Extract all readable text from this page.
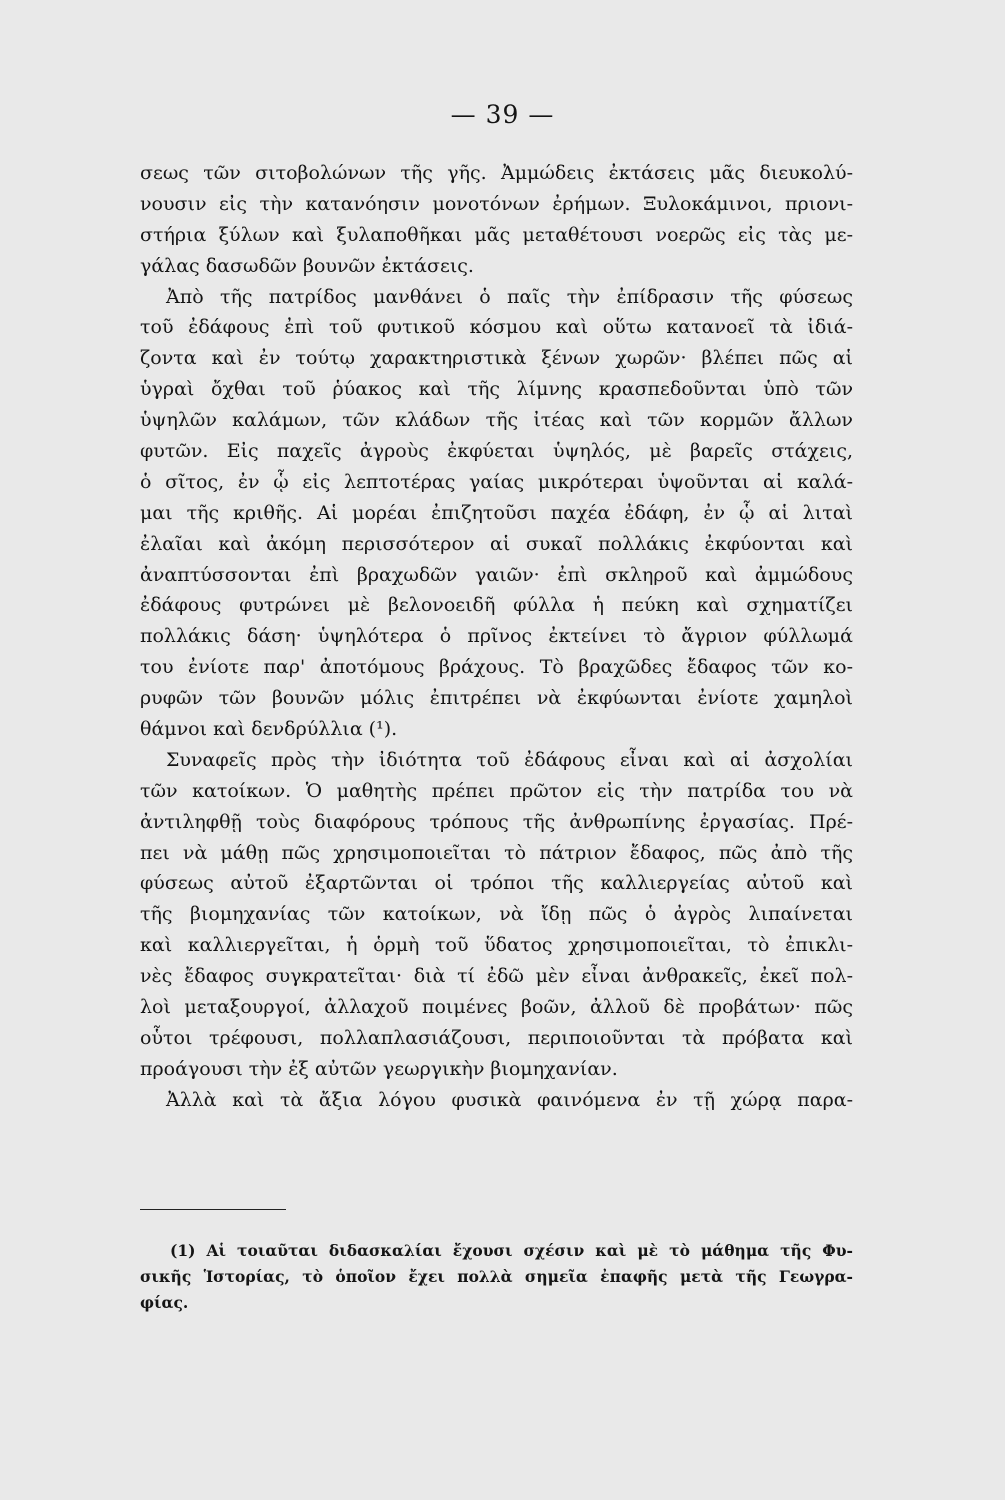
— 39 —
σεως τῶν σιτοβολώνων τῆς γῆς. Ἀμμώδεις ἐκτάσεις μᾶς διευκολύ-
νουσιν εἰς τὴν κατανόησιν μονοτόνων ἐρήμων. Ξυλοκάμινοι, πριονι-
στήρια ξύλων καὶ ξυλαποθῆκαι μᾶς μεταθέτουσι νοερῶς εἰς τὰς με-
γάλας δασωδῶν βουνῶν ἐκτάσεις.
Ἀπὸ τῆς πατρίδος μανθάνει ὁ παῖς τὴν ἐπίδρασιν τῆς φύσεως
τοῦ ἐδάφους ἐπὶ τοῦ φυτικοῦ κόσμου καὶ οὕτω κατανοεῖ τὰ ἰδιά-
ζοντα καὶ ἐν τούτῳ χαρακτηριστικὰ ξένων χωρῶν· βλέπει πῶς αἱ
ὑγραὶ ὄχθαι τοῦ ῥύακος καὶ τῆς λίμνης κρασπεδοῦνται ὑπὸ τῶν
ὑψηλῶν καλάμων, τῶν κλάδων τῆς ἰτέας καὶ τῶν κορμῶν ἄλλων
φυτῶν. Εἰς παχεῖς ἀγροὺς ἐκφύεται ὑψηλός, μὲ βαρεῖς στάχεις,
ὁ σῖτος, ἐν ᾧ εἰς λεπτοτέρας γαίας μικρότεραι ὑψοῦνται αἱ καλά-
μαι τῆς κριθῆς. Αἱ μορέαι ἐπιζητοῦσι παχέα ἐδάφη, ἐν ᾧ αἱ λιταὶ
ἐλαῖαι καὶ ἀκόμη περισσότερον αἱ συκαῖ πολλάκις ἐκφύονται καὶ
ἀναπτύσσονται ἐπὶ βραχωδῶν γαιῶν· ἐπὶ σκληροῦ καὶ ἀμμώδους
ἐδάφους φυτρώνει μὲ βελονοειδῆ φύλλα ἡ πεύκη καὶ σχηματίζει
πολλάκις δάση· ὑψηλότερα ὁ πρῖνος ἐκτείνει τὸ ἄγριον φύλλωμά
του ἐνίοτε παρ' ἀποτόμους βράχους. Τὸ βραχῶδες ἔδαφος τῶν κο-
ρυφῶν τῶν βουνῶν μόλις ἐπιτρέπει νὰ ἐκφύωνται ἐνίοτε χαμηλοὶ
θάμνοι καὶ δενδρύλλια (¹).
Συναφεῖς πρὸς τὴν ἰδιότητα τοῦ ἐδάφους εἶναι καὶ αἱ ἀσχολίαι
τῶν κατοίκων. Ὁ μαθητὴς πρέπει πρῶτον εἰς τὴν πατρίδα του νὰ
ἀντιληφθῇ τοὺς διαφόρους τρόπους τῆς ἀνθρωπίνης ἐργασίας. Πρέ-
πει νὰ μάθῃ πῶς χρησιμοποιεῖται τὸ πάτριον ἔδαφος, πῶς ἀπὸ τῆς
φύσεως αὐτοῦ ἐξαρτῶνται οἱ τρόποι τῆς καλλιεργείας αὐτοῦ καὶ
τῆς βιομηχανίας τῶν κατοίκων, νὰ ἴδῃ πῶς ὁ ἀγρὸς λιπαίνεται
καὶ καλλιεργεῖται, ἡ ὁρμὴ τοῦ ὕδατος χρησιμοποιεῖται, τὸ ἐπικλι-
νὲς ἔδαφος συγκρατεῖται· διὰ τί ἐδῶ μὲν εἶναι ἀνθρακεῖς, ἐκεῖ πολ-
λοὶ μεταξουργοί, ἀλλαχοῦ ποιμένες βοῶν, ἀλλοῦ δὲ προβάτων· πῶς
οὗτοι τρέφουσι, πολλαπλασιάζουσι, περιποιοῦνται τὰ πρόβατα καὶ
προάγουσι τὴν ἐξ αὐτῶν γεωργικὴν βιομηχανίαν.
Ἀλλὰ καὶ τὰ ἄξια λόγου φυσικὰ φαινόμενα ἐν τῇ χώρᾳ παρα-
(1) Αἱ τοιαῦται διδασκαλίαι ἔχουσι σχέσιν καὶ μὲ τὸ μάθημα τῆς Φυ-
σικῆς Ἱστορίας, τὸ ὁποῖον ἔχει πολλὰ σημεῖα ἐπαφῆς μετὰ τῆς Γεωγρα-
φίας.
